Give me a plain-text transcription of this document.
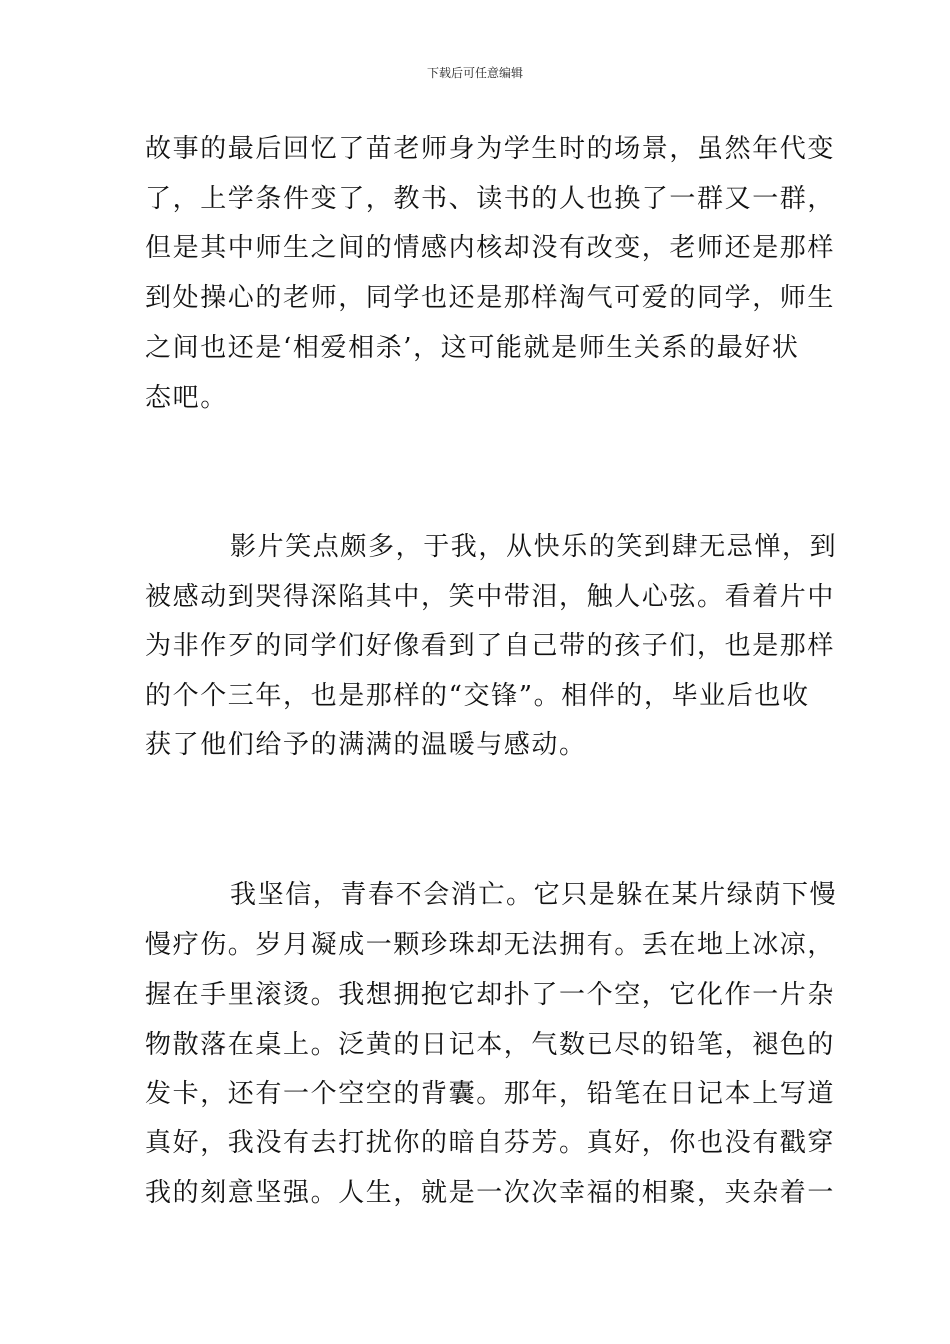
下载后可任意编辑
故事的最后回忆了苗老师身为学生时的场景，虽然年代变
了，上学条件变了，教书、读书的人也换了一群又一群，
但是其中师生之间的情感内核却没有改变，老师还是那样
到处操心的老师，同学也还是那样淘气可爱的同学，师生
之间也还是‘相爱相杀’，这可能就是师生关系的最好状
态吧。
影片笑点颇多，于我，从快乐的笑到肆无忌惮，到
被感动到哭得深陷其中，笑中带泪，触人心弦。看着片中
为非作歹的同学们好像看到了自己带的孩子们，也是那样
的个个三年，也是那样的“交锋”。相伴的，毕业后也收
获了他们给予的满满的温暖与感动。
我坚信，青春不会消亡。它只是躲在某片绿荫下慢
慢疗伤。岁月凝成一颗珍珠却无法拥有。丢在地上冰凉，
握在手里滚烫。我想拥抱它却扑了一个空，它化作一片杂
物散落在桌上。泛黄的日记本，气数已尽的铅笔，褪色的
发卡，还有一个空空的背囊。那年，铅笔在日记本上写道
真好，我没有去打扰你的暗自芬芳。真好，你也没有戳穿
我的刻意坚强。人生，就是一次次幸福的相聚，夹杂着一
